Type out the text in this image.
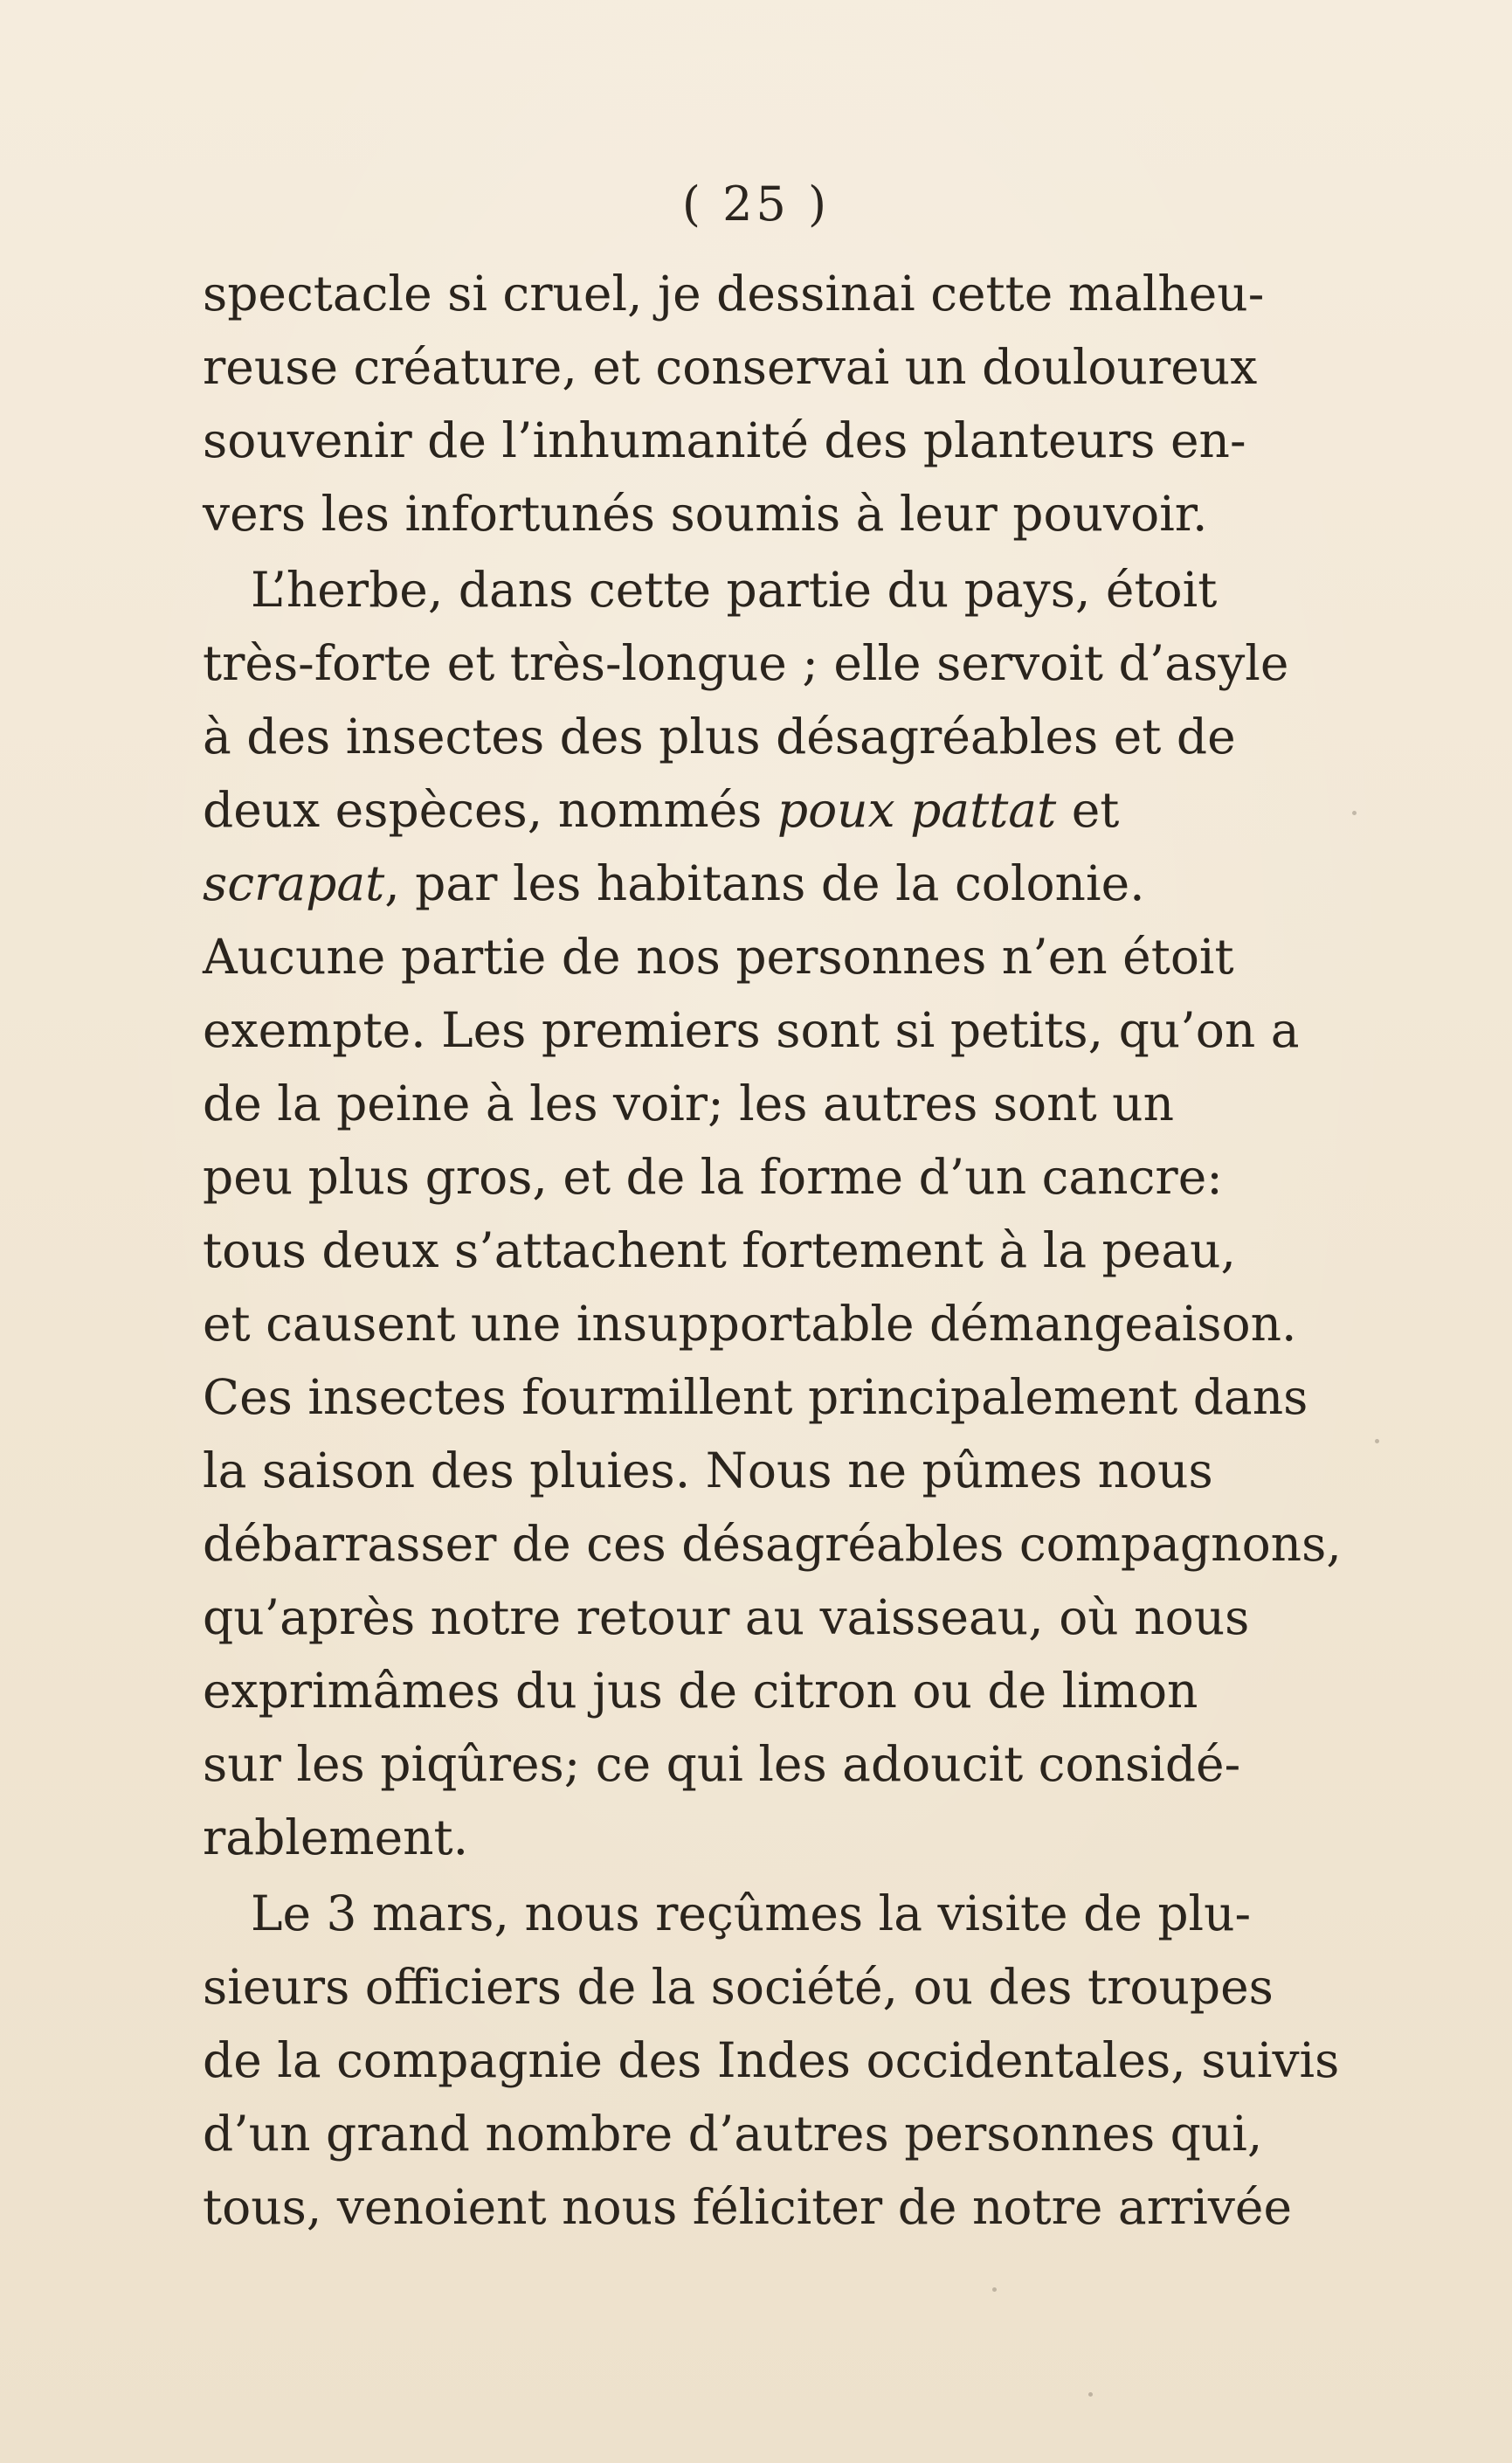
( 25 )
spectacle si cruel, je dessinai cette malheu-
reuse créature, et conservai un douloureux
souvenir de l’inhumanité des planteurs en-
vers les infortunés soumis à leur pouvoir.
L’herbe, dans cette partie du pays, étoit
très-forte et très-longue ; elle servoit d’asyle
à des insectes des plus désagréables et de
deux espèces, nommés poux pattat et
scrapat, par les habitans de la colonie.
Aucune partie de nos personnes n’en étoit
exempte. Les premiers sont si petits, qu’on a
de la peine à les voir; les autres sont un
peu plus gros, et de la forme d’un cancre:
tous deux s’attachent fortement à la peau,
et causent une insupportable démangeaison.
Ces insectes fourmillent principalement dans
la saison des pluies. Nous ne pûmes nous
débarrasser de ces désagréables compagnons,
qu’après notre retour au vaisseau, où nous
exprimâmes du jus de citron ou de limon
sur les piqûres; ce qui les adoucit considé-
rablement.
Le 3 mars, nous reçûmes la visite de plu-
sieurs officiers de la société, ou des troupes
de la compagnie des Indes occidentales, suivis
d’un grand nombre d’autres personnes qui,
tous, venoient nous féliciter de notre arrivée
